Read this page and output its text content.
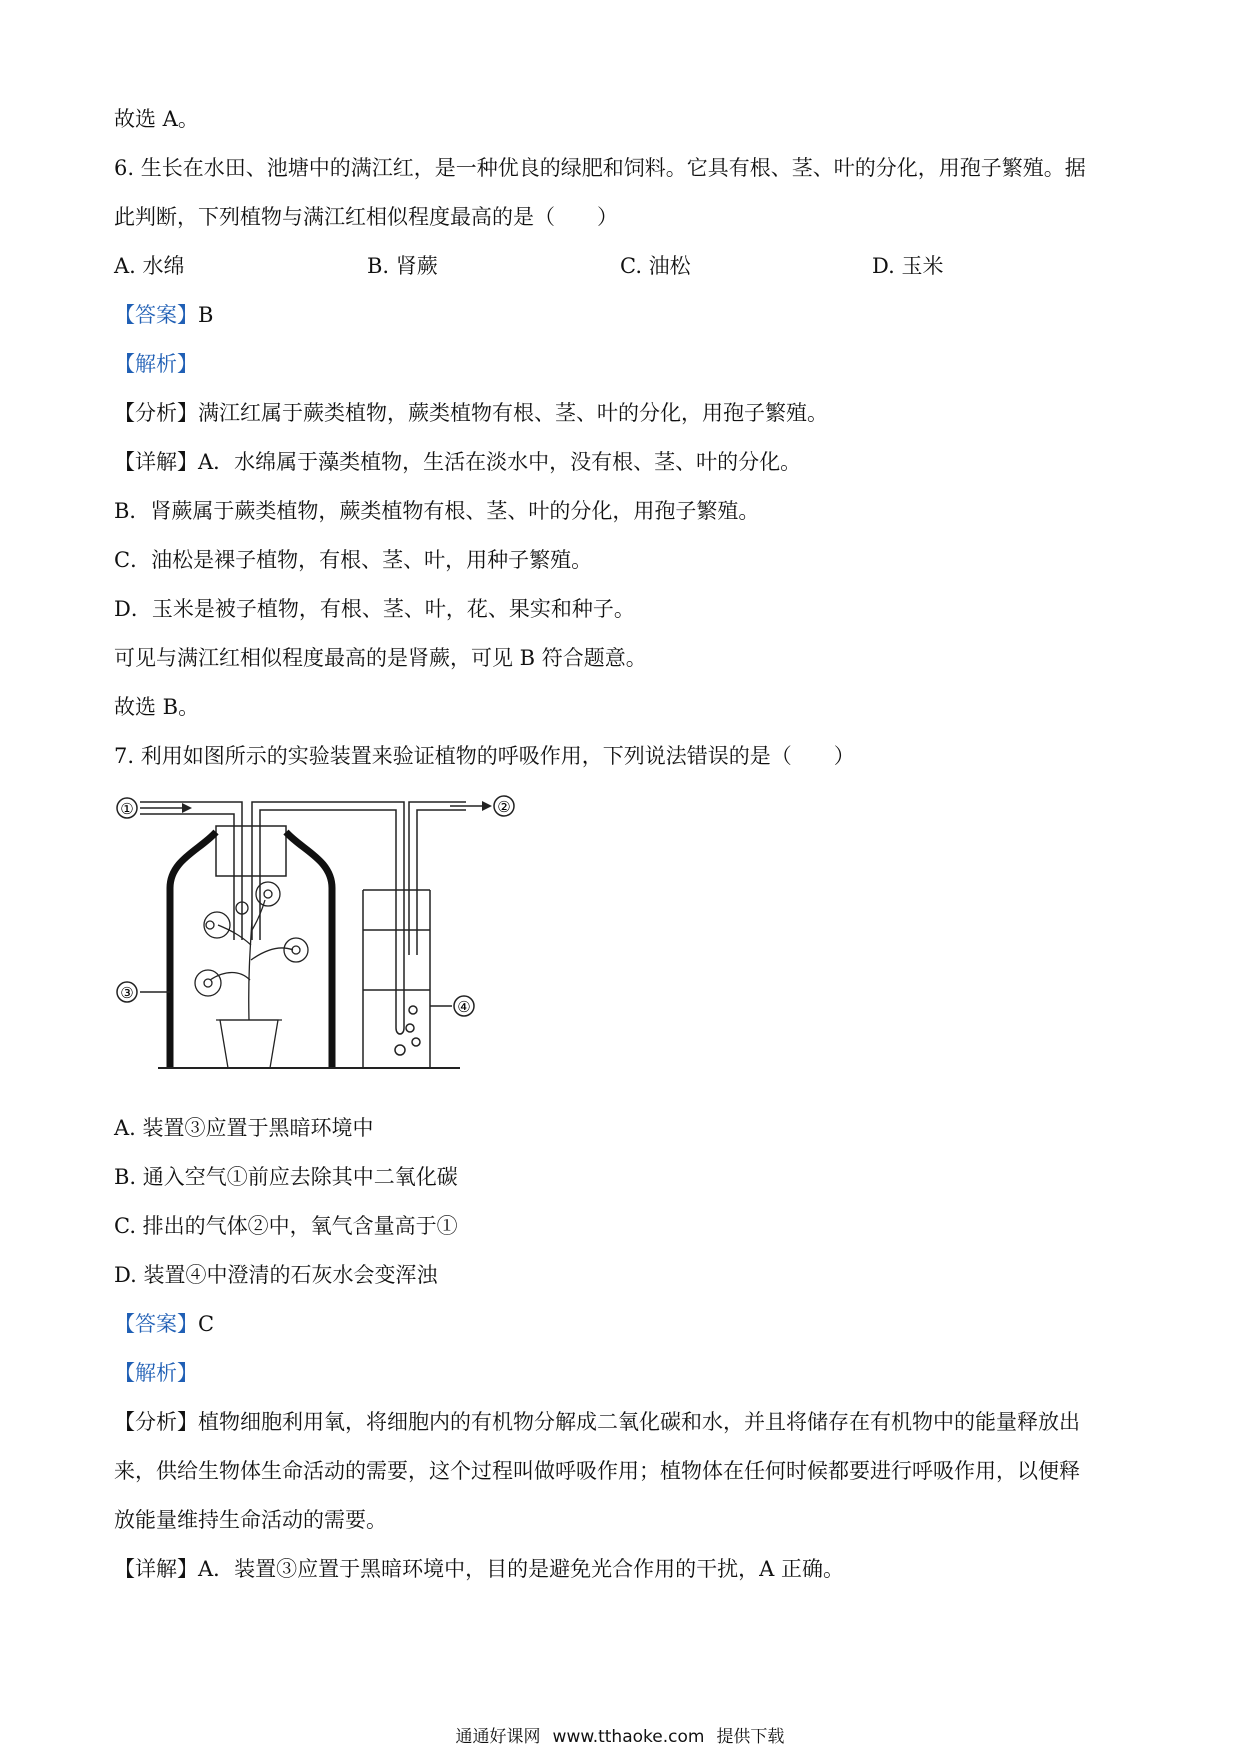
故选 A。
6. 生长在水田、池塘中的满江红，是一种优良的绿肥和饲料。它具有根、茎、叶的分化，用孢子繁殖。据
此判断，下列植物与满江红相似程度最高的是（　　）
A. 水绵	B. 肾蕨	C. 油松	D. 玉米
【答案】B
【解析】
【分析】满江红属于蕨类植物，蕨类植物有根、茎、叶的分化，用孢子繁殖。
【详解】A．水绵属于藻类植物，生活在淡水中，没有根、茎、叶的分化。
B．肾蕨属于蕨类植物，蕨类植物有根、茎、叶的分化，用孢子繁殖。
C．油松是裸子植物，有根、茎、叶，用种子繁殖。
D．玉米是被子植物，有根、茎、叶，花、果实和种子。
可见与满江红相似程度最高的是肾蕨，可见 B 符合题意。
故选 B。
7. 利用如图所示的实验装置来验证植物的呼吸作用，下列说法错误的是（　　）
①	②
③
④
A. 装置③应置于黑暗环境中
B. 通入空气①前应去除其中二氧化碳
C. 排出的气体②中，氧气含量高于①
D. 装置④中澄清的石灰水会变浑浊
【答案】C
【解析】
【分析】植物细胞利用氧，将细胞内的有机物分解成二氧化碳和水，并且将储存在有机物中的能量释放出
来，供给生物体生命活动的需要，这个过程叫做呼吸作用；植物体在任何时候都要进行呼吸作用，以便释
放能量维持生命活动的需要。
【详解】A．装置③应置于黑暗环境中，目的是避免光合作用的干扰，A 正确。
通通好课网 www.tthaoke.com 提供下载
